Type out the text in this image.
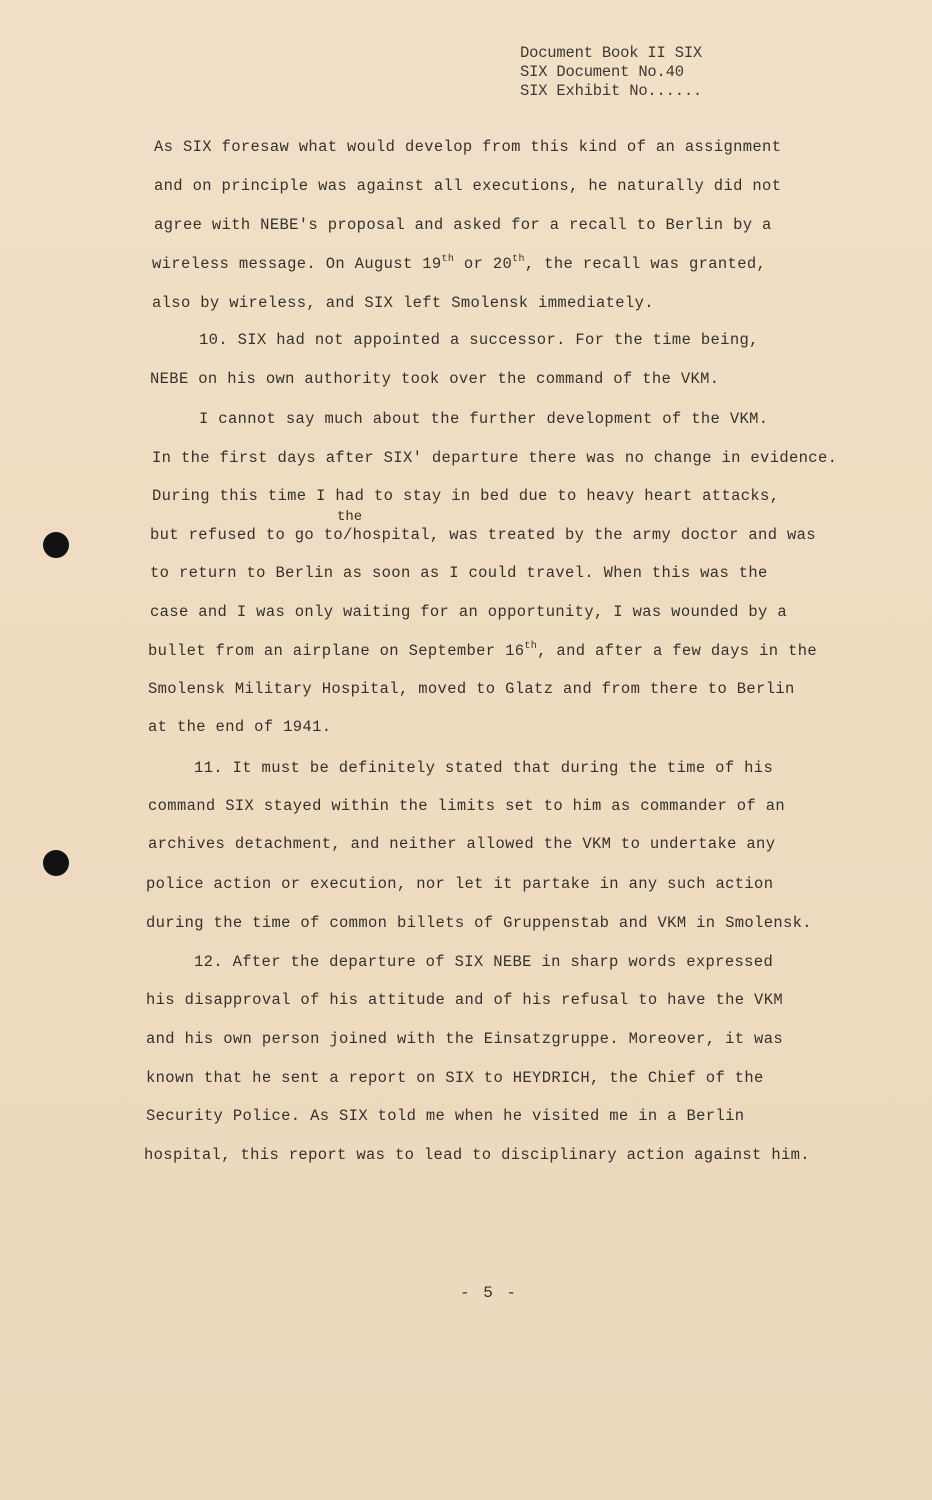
Document Book II SIX
SIX Document No.40
SIX Exhibit No......
As SIX foresaw what would develop from this kind of an assignment
and on principle was against all executions, he naturally did not
agree with NEBE's proposal and asked for a recall to Berlin by a
wireless message. On August 19th or 20th, the recall was granted,
also by wireless, and SIX left Smolensk immediately.
10. SIX had not appointed a successor. For the time being,
NEBE on his own authority took over the command of the VKM.
I cannot say much about the further development of the VKM.
In the first days after SIX' departure there was no change in evidence.
During this time I had to stay in bed due to heavy heart attacks,
the
but refused to go to/hospital, was treated by the army doctor and was
to return to Berlin as soon as I could travel. When this was the
case and I was only waiting for an opportunity, I was wounded by a
bullet from an airplane on September 16th, and after a few days in the
Smolensk Military Hospital, moved to Glatz and from there to Berlin
at the end of 1941.
11. It must be definitely stated that during the time of his
command SIX stayed within the limits set to him as commander of an
archives detachment, and neither allowed the VKM to undertake any
police action or execution, nor let it partake in any such action
during the time of common billets of Gruppenstab and VKM in Smolensk.
12. After the departure of SIX NEBE in sharp words expressed
his disapproval of his attitude and of his refusal to have the VKM
and his own person joined with the Einsatzgruppe. Moreover, it was
known that he sent a report on SIX to HEYDRICH, the Chief of the
Security Police. As SIX told me when he visited me in a Berlin
hospital, this report was to lead to disciplinary action against him.
- 5 -
